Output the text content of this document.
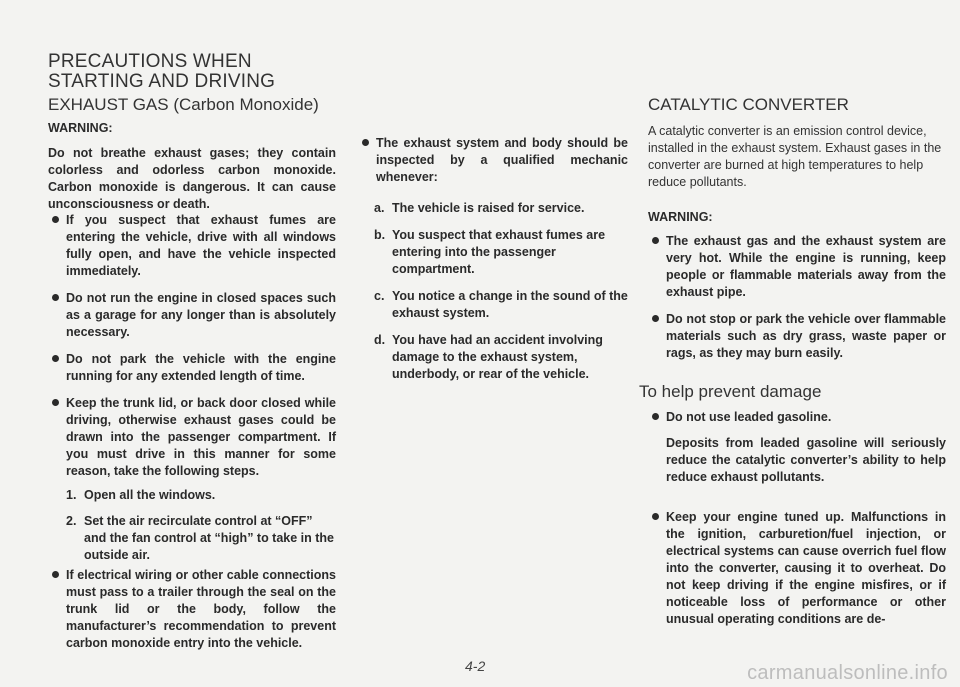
PRECAUTIONS WHEN
STARTING AND DRIVING
EXHAUST GAS (Carbon Monoxide)

WARNING:

Do not breathe exhaust gases; they contain colorless and odorless carbon monoxide. Carbon monoxide is dangerous. It can cause unconsciousness or death.

If you suspect that exhaust fumes are entering the vehicle, drive with all windows fully open, and have the vehicle inspected immediately.
Do not run the engine in closed spaces such as a garage for any longer than is absolutely necessary.
Do not park the vehicle with the engine running for any extended length of time.
Keep the trunk lid, or back door closed while driving, otherwise exhaust gases could be drawn into the passenger compartment. If you must drive in this manner for some reason, take the following steps.
1. Open all the windows.
2. Set the air recirculate control at “OFF” and the fan control at “high” to take in the outside air.
If electrical wiring or other cable connections must pass to a trailer through the seal on the trunk lid or the body, follow the manufacturer’s recommendation to prevent carbon monoxide entry into the vehicle.
The exhaust system and body should be inspected by a qualified mechanic whenever:
a. The vehicle is raised for service.
b. You suspect that exhaust fumes are entering into the passenger compartment.
c. You notice a change in the sound of the exhaust system.
d. You have had an accident involving damage to the exhaust system, underbody, or rear of the vehicle.
CATALYTIC CONVERTER

A catalytic converter is an emission control device, installed in the exhaust system. Exhaust gases in the converter are burned at high temperatures to help reduce pollutants.

WARNING:

The exhaust gas and the exhaust system are very hot. While the engine is running, keep people or flammable materials away from the exhaust pipe.
Do not stop or park the vehicle over flammable materials such as dry grass, waste paper or rags, as they may burn easily.
To help prevent damage
Do not use leaded gasoline.

Deposits from leaded gasoline will seriously reduce the catalytic converter’s ability to help reduce exhaust pollutants.

Keep your engine tuned up. Malfunctions in the ignition, carburetion/fuel injection, or electrical systems can cause overrich fuel flow into the converter, causing it to overheat. Do not keep driving if the engine misfires, or if noticeable loss of performance or other unusual operating conditions are de-
4-2	carmanualsonline.info
